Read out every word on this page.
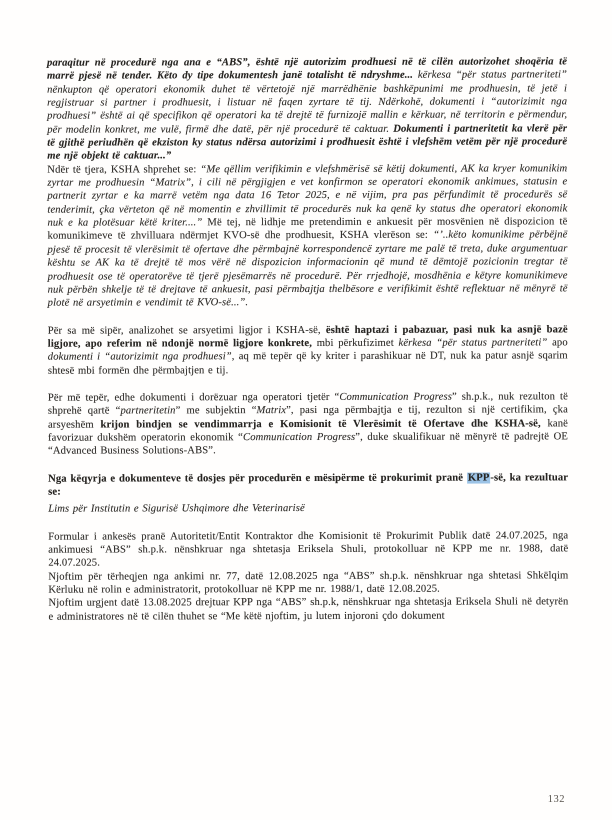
paraqitur në procedurë nga ana e “ABS”, është një autorizim prodhuesi në të cilën autorizohet shoqëria të marrë pjesë në tender. Këto dy tipe dokumentesh janë totalisht të ndryshme... kërkesa “për status partneriteti” nënkupton që operatori ekonomik duhet të vërtetojë një marrëdhënie bashkëpunimi me prodhuesin, të jetë i regjistruar si partner i prodhuesit, i listuar në faqen zyrtare të tij. Ndërkohë, dokumenti i “autorizimit nga prodhuesi” është ai që specifikon që operatori ka të drejtë të furnizojë mallin e kërkuar, në territorin e përmendur, për modelin konkret, me vulë, firmë dhe datë, për një procedurë të caktuar. Dokumenti i partneritetit ka vlerë për të gjithë periudhën që ekziston ky status ndërsa autorizimi i prodhuesit është i vlefshëm vetëm për një procedurë me një objekt të caktuar...”

Ndër të tjera, KSHA shprehet se: “Me qëllim verifikimin e vlefshmërisë së këtij dokumenti, AK ka kryer komunikim zyrtar me prodhuesin “Matrix”, i cili në përgjigjen e vet konfirmon se operatori ekonomik ankimues, statusin e partnerit zyrtar e ka marrë vetëm nga data 16 Tetor 2025, e në vijim, pra pas përfundimit të procedurës së tenderimit, çka vërteton që në momentin e zhvillimit të procedurës nuk ka qenë ky status dhe operatori ekonomik nuk e ka plotësuar këtë kriter....” Më tej, në lidhje me pretendimin e ankuesit për mosvënien në dispozicion të komunikimeve të zhvilluara ndërmjet KVO-së dhe prodhuesit, KSHA vlerëson se: “’..këto komunikime përbëjnë pjesë të procesit të vlerësimit të ofertave dhe përmbajnë korrespondencë zyrtare me palë të treta, duke argumentuar kështu se AK ka të drejtë të mos vërë në dispozicion informacionin që mund të dëmtojë pozicionin tregtar të prodhuesit ose të operatorëve të tjerë pjesëmarrës në procedurë. Për rrjedhojë, mosdhënia e këtyre komunikimeve nuk përbën shkelje të të drejtave të ankuesit, pasi përmbajtja thelbësore e verifikimit është reflektuar në mënyrë të plotë në arsyetimin e vendimit të KVO-së...”.

Për sa më sipër, analizohet se arsyetimi ligjor i KSHA-së, është haptazi i pabazuar, pasi nuk ka asnjë bazë ligjore, apo referim në ndonjë normë ligjore konkrete, mbi përkufizimet kërkesa “për status partneriteti” apo dokumenti i “autorizimit nga prodhuesi”, aq më tepër që ky kriter i parashikuar në DT, nuk ka patur asnjë sqarim shtesë mbi formën dhe përmbajtjen e tij.

Për më tepër, edhe dokumenti i dorëzuar nga operatori tjetër “Communication Progress” sh.p.k., nuk rezulton të shprehë qartë “partneritetin” me subjektin “Matrix”, pasi nga përmbajtja e tij, rezulton si një certifikim, çka arsyeshëm krijon bindjen se vendimmarrja e Komisionit të Vlerësimit të Ofertave dhe KSHA-së, kanë favorizuar dukshëm operatorin ekonomik “Communication Progress”, duke skualifikuar në mënyrë të padrejtë OE “Advanced Business Solutions-ABS”.

Nga këqyrja e dokumenteve të dosjes për procedurën e mësipërme të prokurimit pranë KPP-së, ka rezultuar se:

Lims për Institutin e Sigurisë Ushqimore dhe Veterinarisë

Formular i ankesës pranë Autoritetit/Entit Kontraktor dhe Komisionit të Prokurimit Publik datë 24.07.2025, nga ankimuesi “ABS” sh.p.k. nënshkruar nga shtetasja Eriksela Shuli, protokolluar në KPP me nr. 1988, datë 24.07.2025.

Njoftim për tërheqjen nga ankimi nr. 77, datë 12.08.2025 nga “ABS” sh.p.k. nënshkruar nga shtetasi Shkëlqim Kërluku në rolin e administratorit, protokolluar në KPP me nr. 1988/1, datë 12.08.2025.

Njoftim urgjent datë 13.08.2025 drejtuar KPP nga “ABS” sh.p.k, nënshkruar nga shtetasja Eriksela Shuli në detyrën e administratores në të cilën thuhet se “Me këtë njoftim, ju lutem injoroni çdo dokument

132
